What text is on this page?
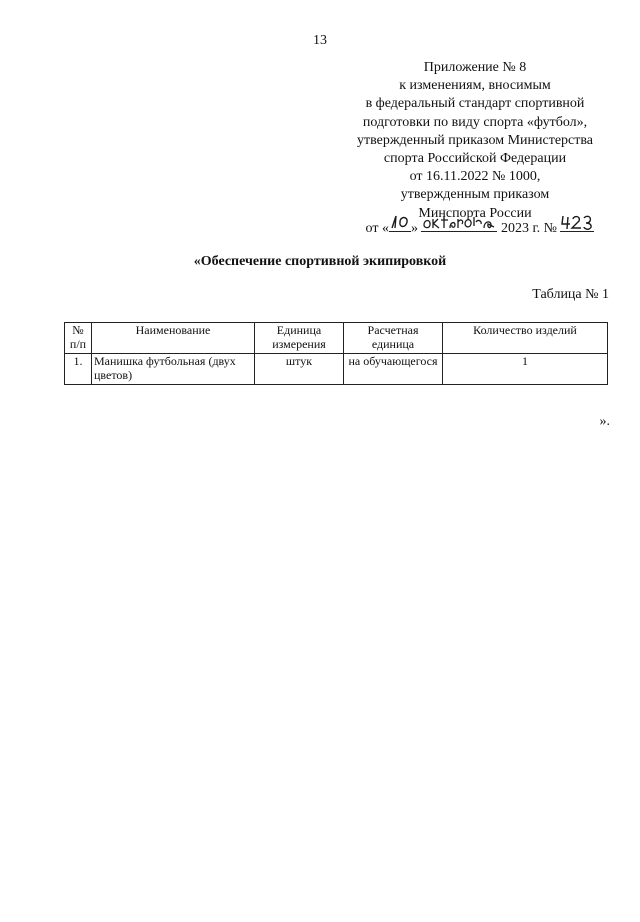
13
Приложение № 8
к изменениям, вносимым
в федеральный стандарт спортивной
подготовки по виду спорта «футбол»,
утвержденный приказом Министерства
спорта Российской Федерации
от 16.11.2022 № 1000,
утвержденным приказом
Минспорта России
от « »	2023 г. №
«Обеспечение спортивной экипировкой
Таблица № 1
№ п/п	Наименование	Единица измерения	Расчетная единица	Количество изделий
1.	Манишка футбольная (двух цветов)	штук	на обучающегося	1
».
